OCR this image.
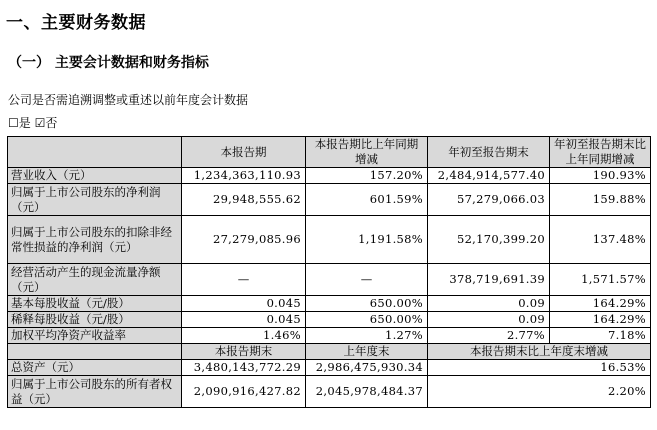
一、主要财务数据
（一） 主要会计数据和财务指标
公司是否需追溯调整或重述以前年度会计数据
☐是 ☑否
	本报告期	本报告期比上年同期增减	年初至报告期末	年初至报告期末比上年同期增减
营业收入（元）	1,234,363,110.93	157.20%	2,484,914,577.40	190.93%
归属于上市公司股东的净利润（元）	29,948,555.62	601.59%	57,279,066.03	159.88%
归属于上市公司股东的扣除非经常性损益的净利润（元）	27,279,085.96	1,191.58%	52,170,399.20	137.48%
经营活动产生的现金流量净额（元）	—	—	378,719,691.39	1,571.57%
基本每股收益（元/股）	0.045	650.00%	0.09	164.29%
稀释每股收益（元/股）	0.045	650.00%	0.09	164.29%
加权平均净资产收益率	1.46%	1.27%	2.77%	7.18%
	本报告期末	上年度末	本报告期末比上年度末增减	
总资产（元）	3,480,143,772.29	2,986,475,930.34	16.53%	
归属于上市公司股东的所有者权益（元）	2,090,916,427.82	2,045,978,484.37	2.20%	
